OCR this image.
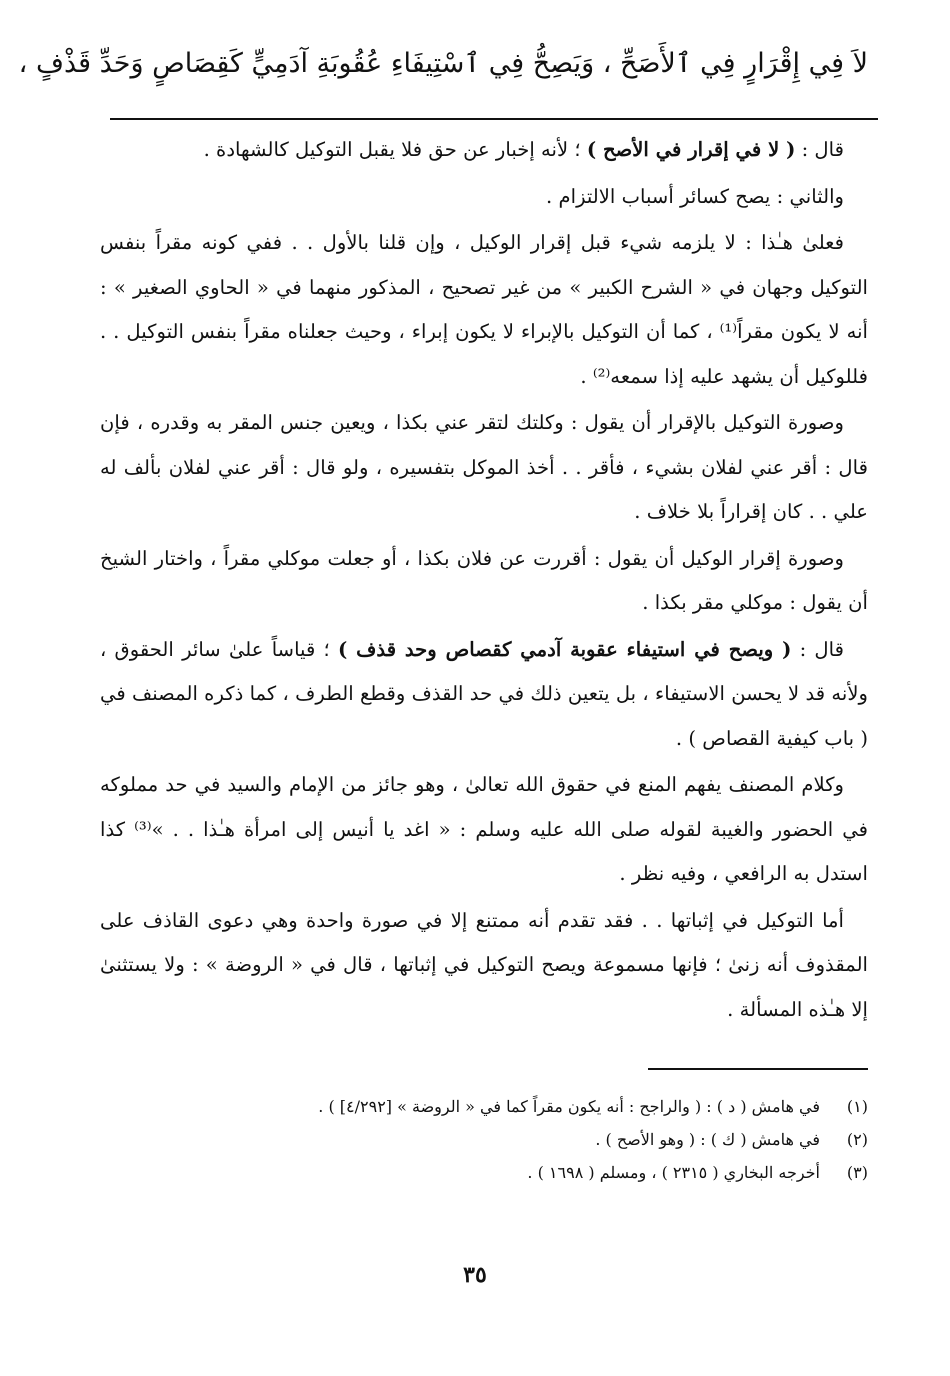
لاَ فِي إِقْرَارٍ فِي ٱلأَصَحِّ ، وَيَصِحُّ فِي ٱسْتِيفَاءِ عُقُوبَةِ آدَمِيٍّ كَقِصَاصٍ وَحَدِّ قَذْفٍ ،

قال : ( لا في إقرار في الأصح ) ؛ لأنه إخبار عن حق فلا يقبل التوكيل كالشهادة .

والثاني : يصح كسائر أسباب الالتزام .

فعلىٰ هـٰذا : لا يلزمه شيء قبل إقرار الوكيل ، وإن قلنا بالأول . . ففي كونه مقراً بنفس التوكيل وجهان في « الشرح الكبير » من غير تصحيح ، المذكور منهما في « الحاوي الصغير » : أنه لا يكون مقراً⁽¹⁾ ، كما أن التوكيل بالإبراء لا يكون إبراء ، وحيث جعلناه مقراً بنفس التوكيل . . فللوكيل أن يشهد عليه إذا سمعه⁽²⁾ .

وصورة التوكيل بالإقرار أن يقول : وكلتك لتقر عني بكذا ، ويعين جنس المقر به وقدره ، فإن قال : أقر عني لفلان بشيء ، فأقر . . أخذ الموكل بتفسيره ، ولو قال : أقر عني لفلان بألف له علي . . كان إقراراً بلا خلاف .

وصورة إقرار الوكيل أن يقول : أقررت عن فلان بكذا ، أو جعلت موكلي مقراً ، واختار الشيخ أن يقول : موكلي مقر بكذا .

قال : ( ويصح في استيفاء عقوبة آدمي كقصاص وحد قذف ) ؛ قياساً علىٰ سائر الحقوق ، ولأنه قد لا يحسن الاستيفاء ، بل يتعين ذلك في حد القذف وقطع الطرف ، كما ذكره المصنف في ( باب كيفية القصاص ) .

وكلام المصنف يفهم المنع في حقوق الله تعالىٰ ، وهو جائز من الإمام والسيد في حد مملوكه في الحضور والغيبة لقوله صلى الله عليه وسلم : « اغد يا أنيس إلى امرأة هـٰذا . . »⁽³⁾ كذا استدل به الرافعي ، وفيه نظر .

أما التوكيل في إثباتها . . فقد تقدم أنه ممتنع إلا في صورة واحدة وهي دعوى القاذف على المقذوف أنه زنىٰ ؛ فإنها مسموعة ويصح التوكيل في إثباتها ، قال في « الروضة » : ولا يستثنىٰ إلا هـٰذه المسألة .

(١)
في هامش ( د ) : ( والراجح : أنه يكون مقراً كما في « الروضة » [٤/٢٩٢] ) .
(٢)
في هامش ( ك ) : ( وهو الأصح ) .
(٣)
أخرجه البخاري ( ٢٣١٥ ) ، ومسلم ( ١٦٩٨ ) .
٣٥
